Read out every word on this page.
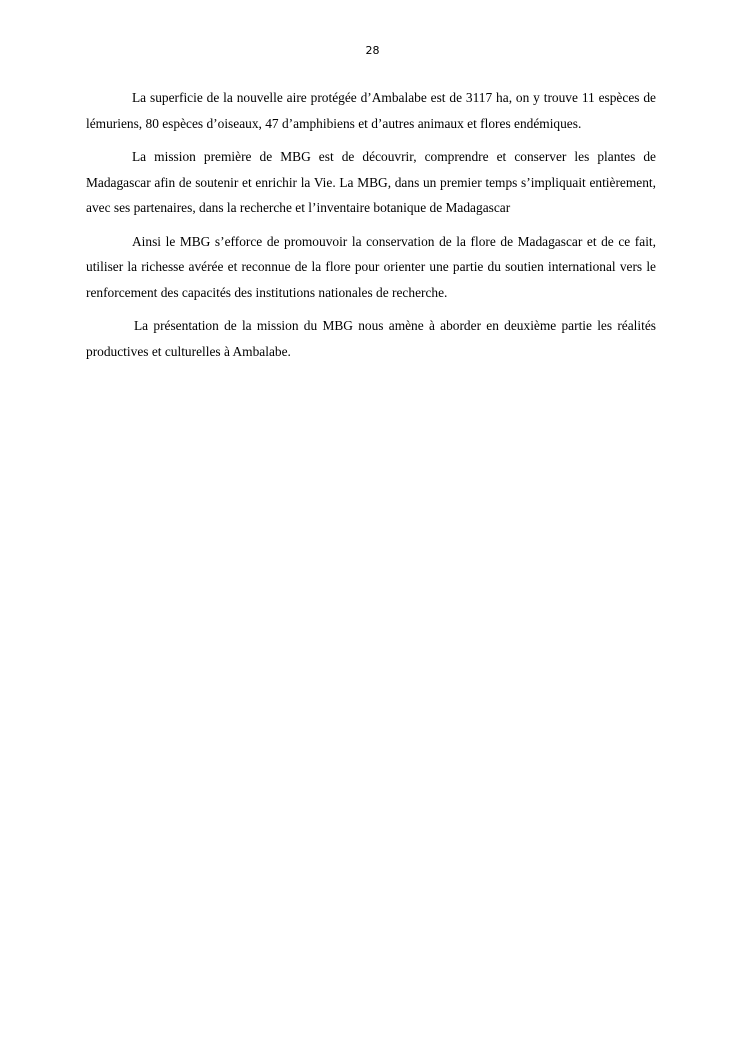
28

La superficie de la nouvelle aire protégée d’Ambalabe est de 3117 ha, on y trouve 11 espèces de lémuriens, 80 espèces d’oiseaux, 47 d’amphibiens et d’autres animaux et flores endémiques.

La mission première de MBG est de découvrir, comprendre et conserver les plantes de Madagascar afin de soutenir et enrichir la Vie. La MBG, dans un premier temps s’impliquait entièrement, avec ses partenaires, dans la recherche et l’inventaire botanique de Madagascar

Ainsi le MBG s’efforce de promouvoir la conservation de la flore de Madagascar et de ce fait, utiliser la richesse avérée et reconnue de la flore pour orienter une partie du soutien international vers le renforcement des capacités des institutions nationales de recherche.

La présentation de la mission du MBG nous amène à aborder en deuxième partie les réalités productives et culturelles à Ambalabe.
